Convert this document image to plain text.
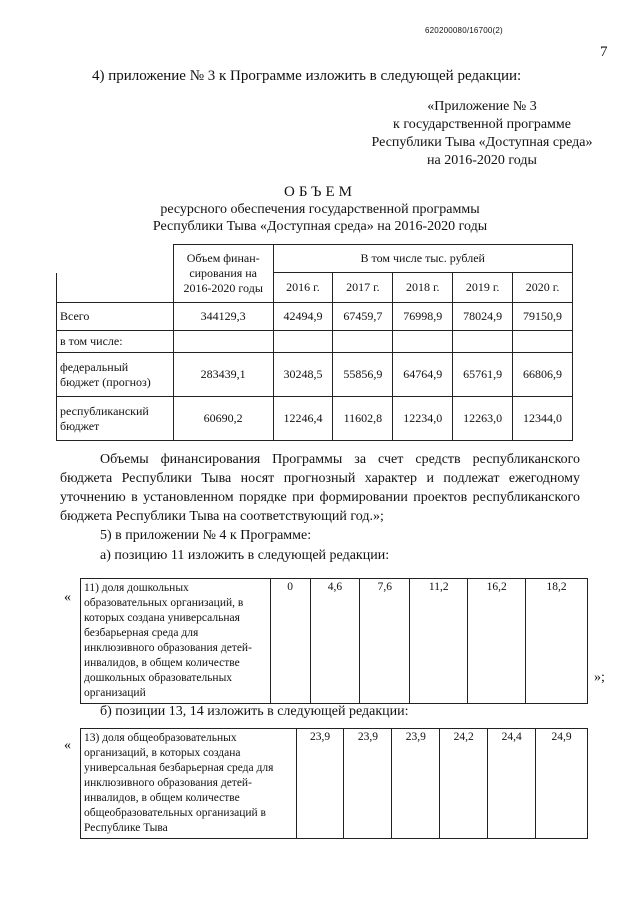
620200080/16700(2)
7
4) приложение № 3 к Программе изложить в следующей редакции:
«Приложение № 3
к государственной программе
Республики Тыва «Доступная среда»
на 2016-2020 годы
ОБЪЕМ
ресурсного обеспечения государственной программы
Республики Тыва «Доступная среда» на 2016-2020 годы
	Объем финан-сирования на 2016-2020 годы	В том числе тыс. рублей				
		2016 г.	2017 г.	2018 г.	2019 г.	2020 г.
Всего	344129,3	42494,9	67459,7	76998,9	78024,9	79150,9
в том числе:						
федеральный бюджет (прогноз)	283439,1	30248,5	55856,9	64764,9	65761,9	66806,9
республиканский бюджет	60690,2	12246,4	11602,8	12234,0	12263,0	12344,0
Объемы финансирования Программы за счет средств республиканского бюджета Республики Тыва носят прогнозный характер и подлежат ежегодному уточнению в установленном порядке при формировании проектов республиканского бюджета Республики Тыва на соответствующий год.»;
5) в приложении № 4 к Программе:
а) позицию 11 изложить в следующей редакции:
«
11) доля дошкольных образовательных организаций, в которых создана универсальная безбарьерная среда для инклюзивного образования детей-инвалидов, в общем количестве дошкольных образовательных организаций	0	4,6	7,6	11,2	16,2	18,2
»;
б) позиции 13, 14 изложить в следующей редакции:
« 13) доля общеобразовательных организаций, в которых создана универсальная безбарьерная среда для инклюзивного образования детей-инвалидов, в общем количестве общеобразовательных организаций в Республике Тыва	23,9	23,9	23,9	24,2	24,4	24,9
